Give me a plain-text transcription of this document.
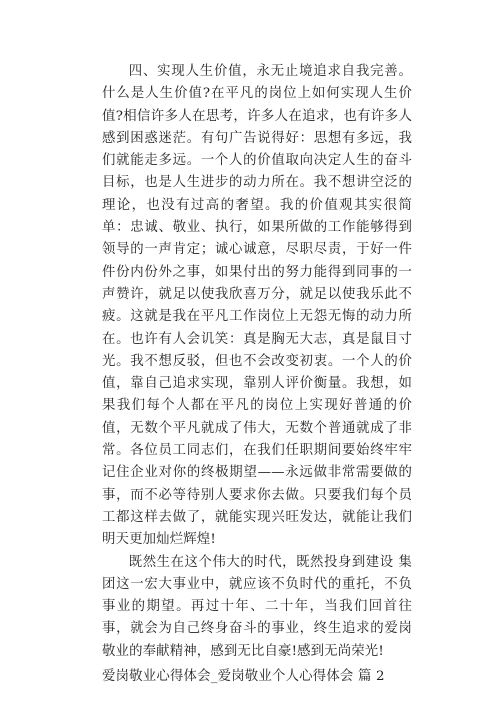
四、实现人生价值，永无止境追求自我完善。什么是人生价值?在平凡的岗位上如何实现人生价值?相信许多人在思考，许多人在追求，也有许多人感到困惑迷茫。有句广告说得好：思想有多远，我们就能走多远。一个人的价值取向决定人生的奋斗目标，也是人生进步的动力所在。我不想讲空泛的理论，也没有过高的奢望。我的价值观其实很简单：忠诚、敬业、执行，如果所做的工作能够得到领导的一声肯定；诚心诚意，尽职尽责，于好一件件份内份外之事，如果付出的努力能得到同事的一声赞许，就足以使我欣喜万分，就足以使我乐此不疲。这就是我在平凡工作岗位上无怨无悔的动力所在。也许有人会讥笑：真是胸无大志，真是鼠目寸光。我不想反驳，但也不会改变初衷。一个人的价值，靠自己追求实现，靠别人评价衡量。我想，如果我们每个人都在平凡的岗位上实现好普通的价值，无数个平凡就成了伟大，无数个普通就成了非常。各位员工同志们，在我们任职期间要始终牢牢记住企业对你的终极期望——永远做非常需要做的事，而不必等待别人要求你去做。只要我们每个员工都这样去做了，就能实现兴旺发达，就能让我们明天更加灿烂辉煌!

既然生在这个伟大的时代，既然投身到建设 集团这一宏大事业中，就应该不负时代的重托，不负事业的期望。再过十年、二十年，当我们回首往事，就会为自己终身奋斗的事业，终生追求的爱岗敬业的奉献精神，感到无比自豪!感到无尚荣光!

爱岗敬业心得体会_爱岗敬业个人心得体会 篇 2
